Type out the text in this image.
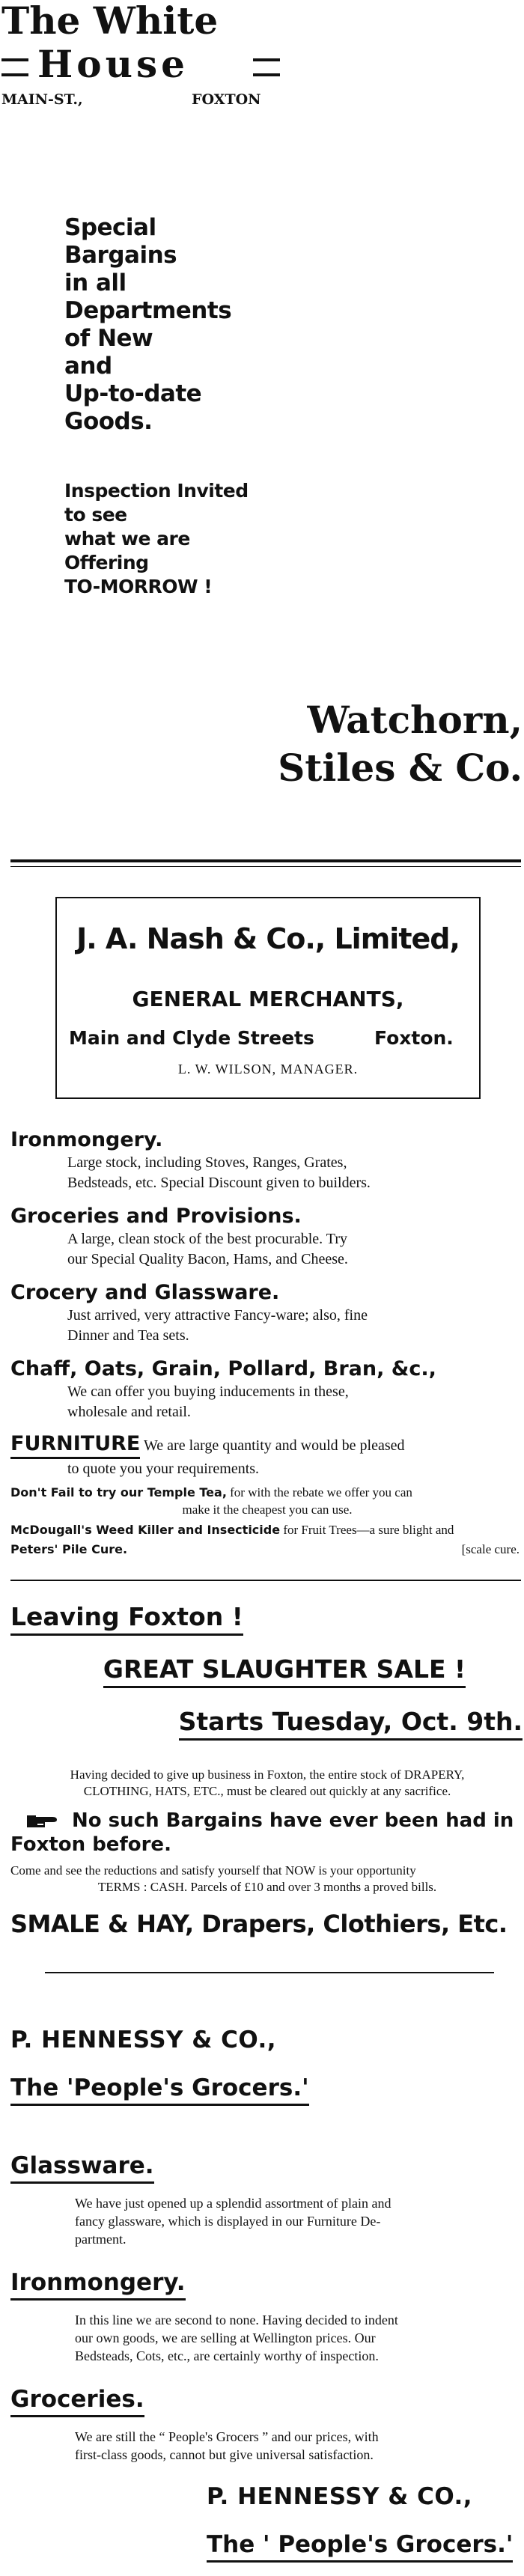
The White
House
MAIN-ST.,	FOXTON
Special
Bargains
in all
Departments
of New
and
Up-to-date
Goods.
Inspection Invited
to see
what we are
Offering
TO-MORROW !
Watchorn,
Stiles & Co.
J. A. Nash & Co., Limited,
GENERAL MERCHANTS,
Main and Clyde Streets	Foxton.
L. W. WILSON, MANAGER.
Ironmongery.
Large stock, including Stoves, Ranges, Grates,
Bedsteads, etc. Special Discount given to builders.
Groceries and Provisions.
A large, clean stock of the best procurable. Try
our Special Quality Bacon, Hams, and Cheese.
Crocery and Glassware.
Just arrived, very attractive Fancy-ware; also, fine
Dinner and Tea sets.
Chaff, Oats, Grain, Pollard, Bran, &c.,
We can offer you buying inducements in these,
wholesale and retail.
FURNITURE We are large quantity and would be pleased
to quote you your requirements.
Don't Fail to try our Temple Tea, for with the rebate we offer you can
make it the cheapest you can use.
McDougall's Weed Killer and Insecticide for Fruit Trees—a sure blight and
Peters' Pile Cure.	[scale cure.
Leaving Foxton !
GREAT SLAUGHTER SALE !
Starts Tuesday, Oct. 9th.
Having decided to give up business in Foxton, the entire stock of DRAPERY,
CLOTHING, HATS, ETC., must be cleared out quickly at any sacrifice.
No such Bargains have ever been had in
Foxton before.
Come and see the reductions and satisfy yourself that NOW is your opportunity
TERMS : CASH. Parcels of £10 and over 3 months a proved bills.
SMALE & HAY, Drapers, Clothiers, Etc.
P. HENNESSY & CO.,
The 'People's Grocers.'
Glassware.
We have just opened up a splendid assortment of plain and
fancy glassware, which is displayed in our Furniture De-
partment.
Ironmongery.
In this line we are second to none. Having decided to indent
our own goods, we are selling at Wellington prices. Our
Bedsteads, Cots, etc., are certainly worthy of inspection.
Groceries.
We are still the “ People's Grocers ” and our prices, with
first-class goods, cannot but give universal satisfaction.
P. HENNESSY & CO.,
The ' People's Grocers.'
